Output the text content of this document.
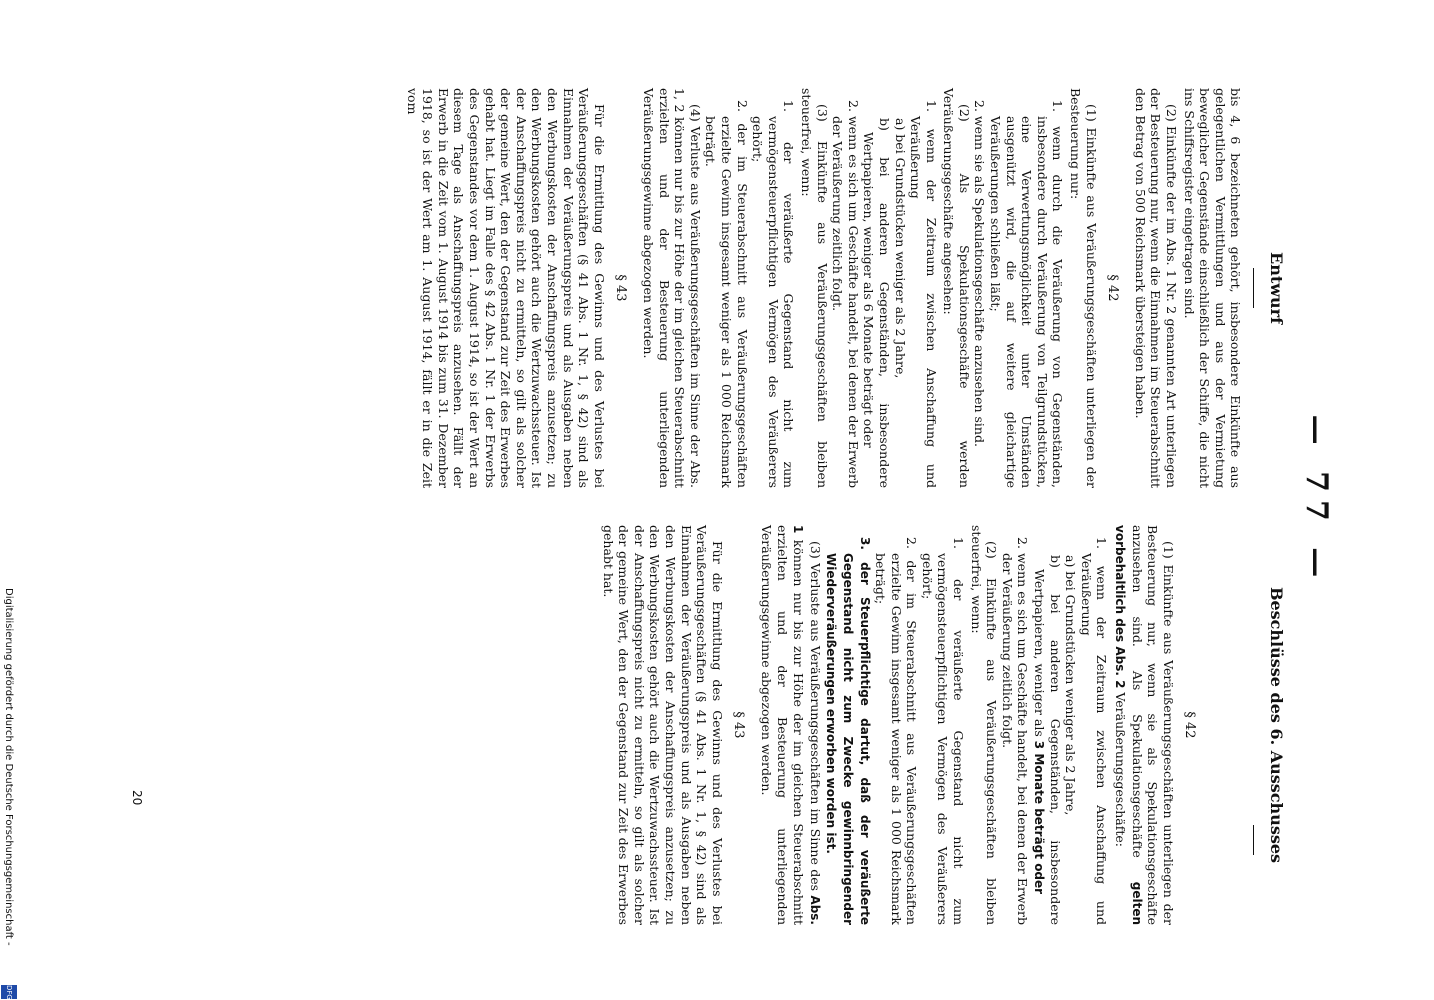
— 77 —
Entwurf

bis 4, 6 bezeichneten gehört, insbesondere Einkünfte aus gelegentlichen Vermittlungen und aus der Vermietung beweglicher Gegenstände einschließlich der Schiffe, die nicht ins Schiffsregister eingetragen sind.

(2) Einkünfte der im Abs. 1 Nr. 2 genannten Art unterliegen der Besteuerung nur, wenn die Einnahmen im Steuerabschnitt den Betrag von 500 Reichsmark übersteigen haben.

§ 42

(1) Einkünfte aus Veräußerungsgeschäften unterliegen der Besteuerung nur:

1. wenn durch die Veräußerung von Gegenständen, insbesondere durch Veräußerung von Teilgrundstücken, eine Verwertungsmöglichkeit unter Umständen ausgenützt wird, die auf weitere gleichartige Veräußerungen schließen läßt;
2. wenn sie als Spekulationsgeschäfte anzusehen sind.

(2) Als Spekulationsgeschäfte werden Veräußerungsgeschäfte angesehen:

1. wenn der Zeitraum zwischen Anschaffung und Veräußerung
a) bei Grundstücken weniger als 2 Jahre,
b) bei anderen Gegenständen, insbesondere Wertpapieren, weniger als 6 Monate beträgt oder
2. wenn es sich um Geschäfte handelt, bei denen der Erwerb der Veräußerung zeitlich folgt.

(3) Einkünfte aus Veräußerungsgeschäften bleiben steuerfrei, wenn:

1. der veräußerte Gegenstand nicht zum vermögensteuerpflichtigen Vermögen des Veräußerers gehört;
2. der im Steuerabschnitt aus Veräußerungsgeschäften erzielte Gewinn insgesamt weniger als 1 000 Reichsmark beträgt.

(4) Verluste aus Veräußerungsgeschäften im Sinne der Abs. 1, 2 können nur bis zur Höhe der im gleichen Steuerabschnitt erzielten und der Besteuerung unterliegenden Veräußerungsgewinne abgezogen werden.

§ 43

Für die Ermittlung des Gewinns und des Verlustes bei Veräußerungsgeschäften (§ 41 Abs. 1 Nr. 1, § 42) sind als Einnahmen der Veräußerungspreis und als Ausgaben neben den Werbungskosten der Anschaffungspreis anzusetzen; zu den Werbungskosten gehört auch die Wertzuwachssteuer. Ist der Anschaffungspreis nicht zu ermitteln, so gilt als solcher der gemeine Wert, den der Gegenstand zur Zeit des Erwerbes gehabt hat. Liegt im Falle des § 42 Abs. 1 Nr. 1 der Erwerbs des Gegenstandes vor dem 1. August 1914, so ist der Wert an diesem Tage als Anschaffungspreis anzusehen. Fällt der Erwerb in die Zeit vom 1. August 1914 bis zum 31. Dezember 1918, so ist der Wert am 1. August 1914, fällt er in die Zeit vom

Beschlüsse des 6. Ausschusses
§ 42

(1) Einkünfte aus Veräußerungsgeschäften unterliegen der Besteuerung nur, wenn sie als Spekulationsgeschäfte anzusehen sind. Als Spekulationsgeschäfte gelten vorbehaltlich des Abs. 2 Veräußerungsgeschäfte:

1. wenn der Zeitraum zwischen Anschaffung und Veräußerung
a) bei Grundstücken weniger als 2 Jahre,
b) bei anderen Gegenständen, insbesondere Wertpapieren, weniger als 3 Monate beträgt oder
2. wenn es sich um Geschäfte handelt, bei denen der Erwerb der Veräußerung zeitlich folgt.

(2) Einkünfte aus Veräußerungsgeschäften bleiben steuerfrei, wenn:

1. der veräußerte Gegenstand nicht zum vermögensteuerpflichtigen Vermögen des Veräußerers gehört;
2. der im Steuerabschnitt aus Veräußerungsgeschäften erzielte Gewinn insgesamt weniger als 1 000 Reichsmark beträgt;
3. der Steuerpflichtige dartut, daß der veräußerte Gegenstand nicht zum Zwecke gewinnbringender Wiederveräußerungen erworben worden ist.

(3) Verluste aus Veräußerungsgeschäften im Sinne des Abs. 1 können nur bis zur Höhe der im gleichen Steuerabschnitt erzielten und der Besteuerung unterliegenden Veräußerungsgewinne abgezogen werden.

§ 43

Für die Ermittlung des Gewinns und des Verlustes bei Veräußerungsgeschäften (§ 41 Abs. 1 Nr. 1, § 42) sind als Einnahmen der Veräußerungspreis und als Ausgaben neben den Werbungskosten der Anschaffungspreis anzusetzen; zu den Werbungskosten gehört auch die Wertzuwachssteuer. Ist der Anschaffungspreis nicht zu ermitteln, so gilt als solcher der gemeine Wert, den der Gegenstand zur Zeit des Erwerbes gehabt hat.

20
Digitalisierung gefördert durch die Deutsche Forschungsgemeinschaft -
DFG
